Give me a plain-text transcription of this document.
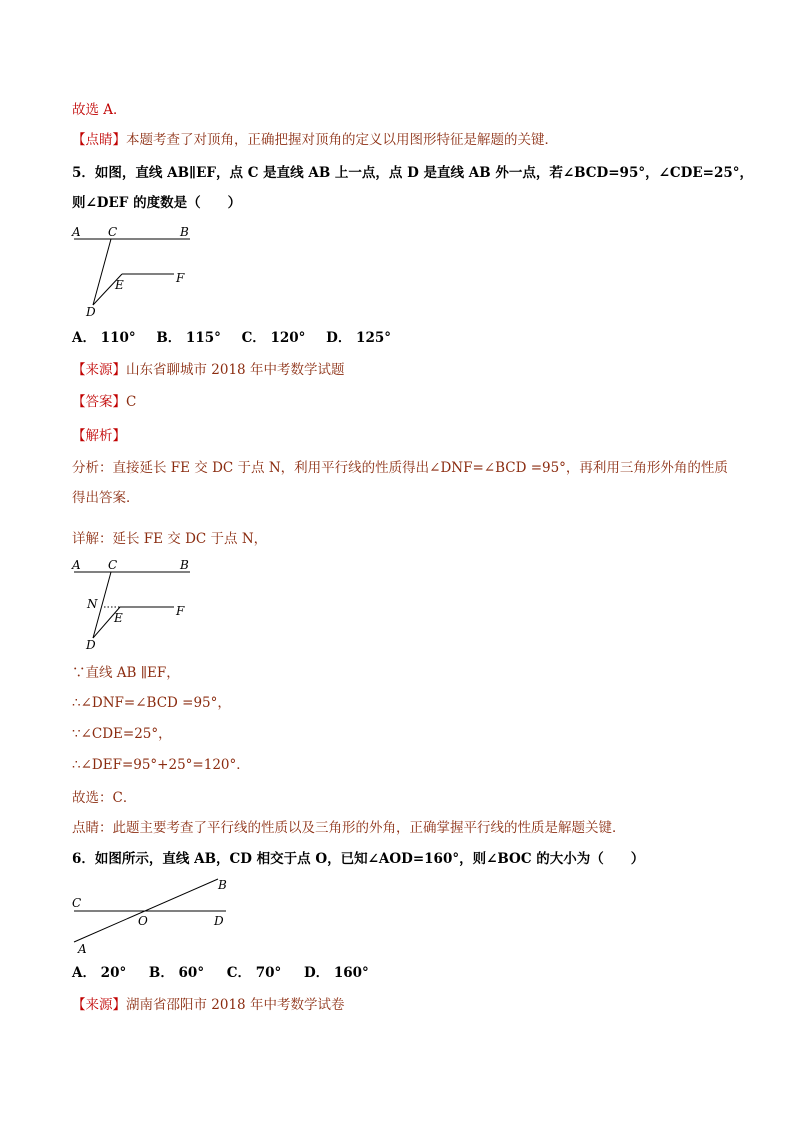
故选 A．
【点睛】本题考查了对顶角，正确把握对顶角的定义以用图形特征是解题的关键．
5．如图，直线 AB∥EF，点 C 是直线 AB 上一点，点 D 是直线 AB 外一点，若∠BCD=95°，∠CDE=25°，
则∠DEF 的度数是（　　）
A C	B
F
E
D
A． 110° B． 115° C． 120° D． 125°
【来源】山东省聊城市 2018 年中考数学试题
【答案】C
【解析】
分析：直接延长 FE 交 DC 于点 N，利用平行线的性质得出∠DNF=∠BCD =95°，再利用三角形外角的性质
得出答案．
详解：延长 FE 交 DC 于点 N，
A C	B
N	F
E
D
∵直线 AB ∥EF，
∴∠DNF=∠BCD =95°，
∵∠CDE=25°，
∴∠DEF=95°+25°=120°．
故选：C．
点睛：此题主要考查了平行线的性质以及三角形的外角，正确掌握平行线的性质是解题关键．
6．如图所示，直线 AB，CD 相交于点 O，已知∠AOD=160°，则∠BOC 的大小为（　　）
C
B
O	D
A
A． 20° B． 60° C． 70° D． 160°
【来源】湖南省邵阳市 2018 年中考数学试卷
